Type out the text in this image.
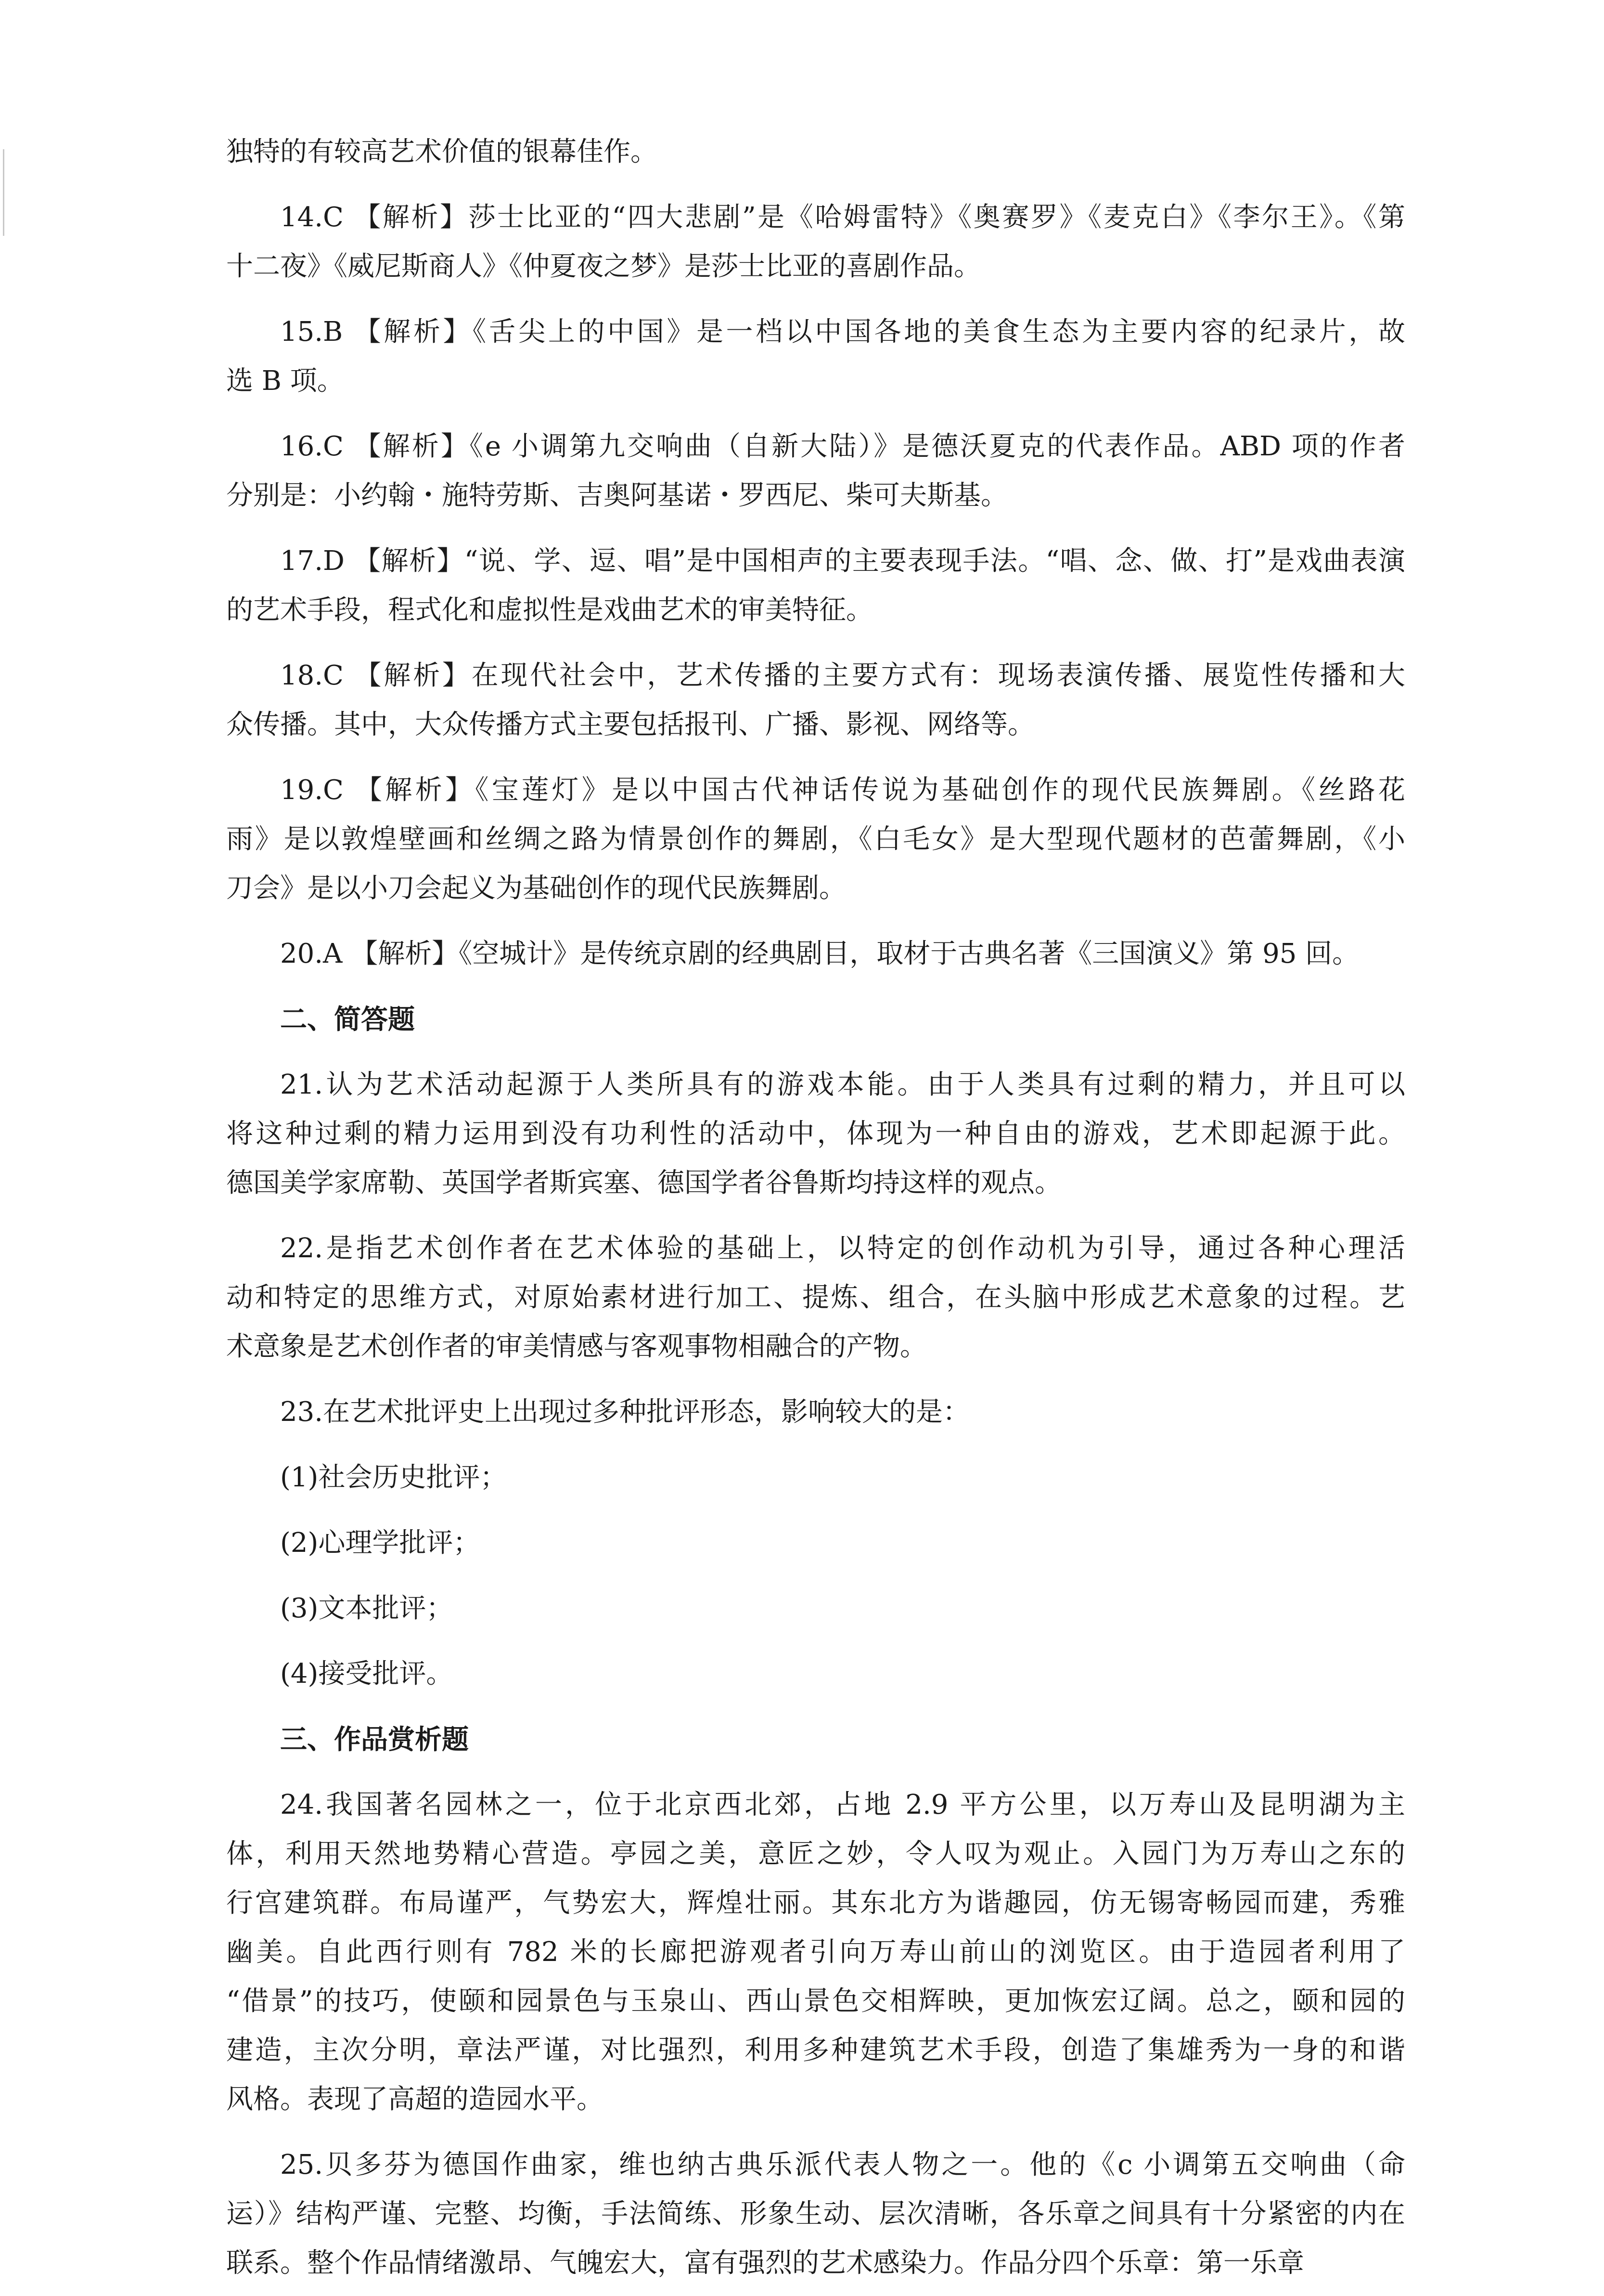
独特的有较高艺术价值的银幕佳作。
14.C 【解析】莎士比亚的“四大悲剧”是《哈姆雷特》《奥赛罗》《麦克白》《李尔王》。《第
十二夜》《威尼斯商人》《仲夏夜之梦》是莎士比亚的喜剧作品。
15.B 【解析】《舌尖上的中国》是一档以中国各地的美食生态为主要内容的纪录片，故
选 B 项。
16.C 【解析】《e 小调第九交响曲（自新大陆）》是德沃夏克的代表作品。ABD 项的作者
分别是：小约翰・施特劳斯、吉奥阿基诺・罗西尼、柴可夫斯基。
17.D 【解析】“说、学、逗、唱”是中国相声的主要表现手法。“唱、念、做、打”是戏曲表演
的艺术手段，程式化和虚拟性是戏曲艺术的审美特征。
18.C 【解析】在现代社会中，艺术传播的主要方式有：现场表演传播、展览性传播和大
众传播。其中，大众传播方式主要包括报刊、广播、影视、网络等。
19.C 【解析】《宝莲灯》是以中国古代神话传说为基础创作的现代民族舞剧。《丝路花
雨》是以敦煌壁画和丝绸之路为情景创作的舞剧，《白毛女》是大型现代题材的芭蕾舞剧，《小
刀会》是以小刀会起义为基础创作的现代民族舞剧。
20.A 【解析】《空城计》是传统京剧的经典剧目，取材于古典名著《三国演义》第 95 回。
二、简答题
21.认为艺术活动起源于人类所具有的游戏本能。由于人类具有过剩的精力，并且可以
将这种过剩的精力运用到没有功利性的活动中，体现为一种自由的游戏，艺术即起源于此。
德国美学家席勒、英国学者斯宾塞、德国学者谷鲁斯均持这样的观点。
22.是指艺术创作者在艺术体验的基础上，以特定的创作动机为引导，通过各种心理活
动和特定的思维方式，对原始素材进行加工、提炼、组合，在头脑中形成艺术意象的过程。艺
术意象是艺术创作者的审美情感与客观事物相融合的产物。
23.在艺术批评史上出现过多种批评形态，影响较大的是：
(1)社会历史批评；
(2)心理学批评；
(3)文本批评；
(4)接受批评。
三、作品赏析题
24.我国著名园林之一，位于北京西北郊，占地 2.9 平方公里，以万寿山及昆明湖为主
体，利用天然地势精心营造。亭园之美，意匠之妙，令人叹为观止。入园门为万寿山之东的
行宫建筑群。布局谨严，气势宏大，辉煌壮丽。其东北方为谐趣园，仿无锡寄畅园而建，秀雅
幽美。自此西行则有 782 米的长廊把游观者引向万寿山前山的浏览区。由于造园者利用了
“借景”的技巧，使颐和园景色与玉泉山、西山景色交相辉映，更加恢宏辽阔。总之，颐和园的
建造，主次分明，章法严谨，对比强烈，利用多种建筑艺术手段，创造了集雄秀为一身的和谐
风格。表现了高超的造园水平。
25.贝多芬为德国作曲家，维也纳古典乐派代表人物之一。他的《c 小调第五交响曲（命
运）》结构严谨、完整、均衡，手法简练、形象生动、层次清晰，各乐章之间具有十分紧密的内在
联系。整个作品情绪激昂、气魄宏大，富有强烈的艺术感染力。作品分四个乐章：第一乐章
